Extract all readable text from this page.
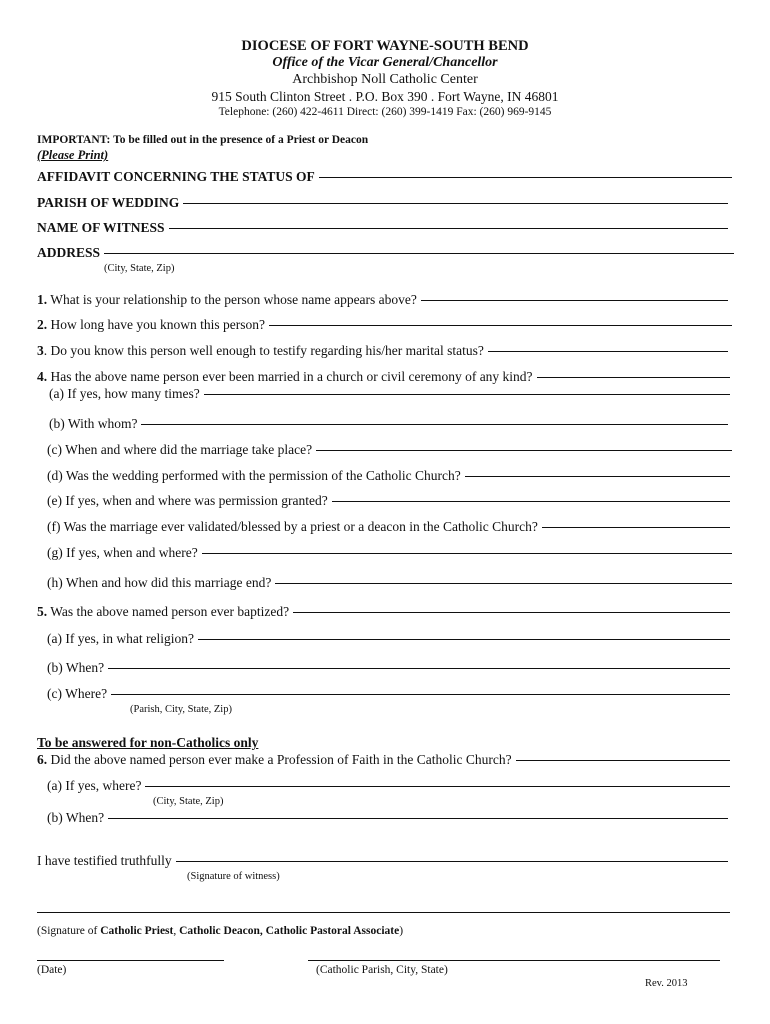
DIOCESE OF FORT WAYNE-SOUTH BEND
Office of the Vicar General/Chancellor
Archbishop Noll Catholic Center
915 South Clinton Street . P.O. Box 390 . Fort Wayne, IN 46801
Telephone: (260) 422-4611 Direct: (260) 399-1419 Fax: (260) 969-9145
IMPORTANT: To be filled out in the presence of a Priest or Deacon
(Please Print)
AFFIDAVIT CONCERNING THE STATUS OF
PARISH OF WEDDING
NAME OF WITNESS
ADDRESS
(City, State, Zip)
1. What is your relationship to the person whose name appears above?
2. How long have you known this person?
3. Do you know this person well enough to testify regarding his/her marital status?
4. Has the above name person ever been married in a church or civil ceremony of any kind?
(a) If yes, how many times?
(b) With whom?
(c) When and where did the marriage take place?
(d) Was the wedding performed with the permission of the Catholic Church?
(e) If yes, when and where was permission granted?
(f) Was the marriage ever validated/blessed by a priest or a deacon in the Catholic Church?
(g) If yes, when and where?
(h) When and how did this marriage end?
5. Was the above named person ever baptized?
(a) If yes, in what religion?
(b) When?
(c) Where?
(Parish, City, State, Zip)
To be answered for non-Catholics only
6. Did the above named person ever make a Profession of Faith in the Catholic Church?
(a) If yes, where?
(City, State, Zip)
(b) When?
I have testified truthfully
(Signature of witness)
(Signature of Catholic Priest, Catholic Deacon, Catholic Pastoral Associate)
(Date)	(Catholic Parish, City, State)
Rev. 2013
